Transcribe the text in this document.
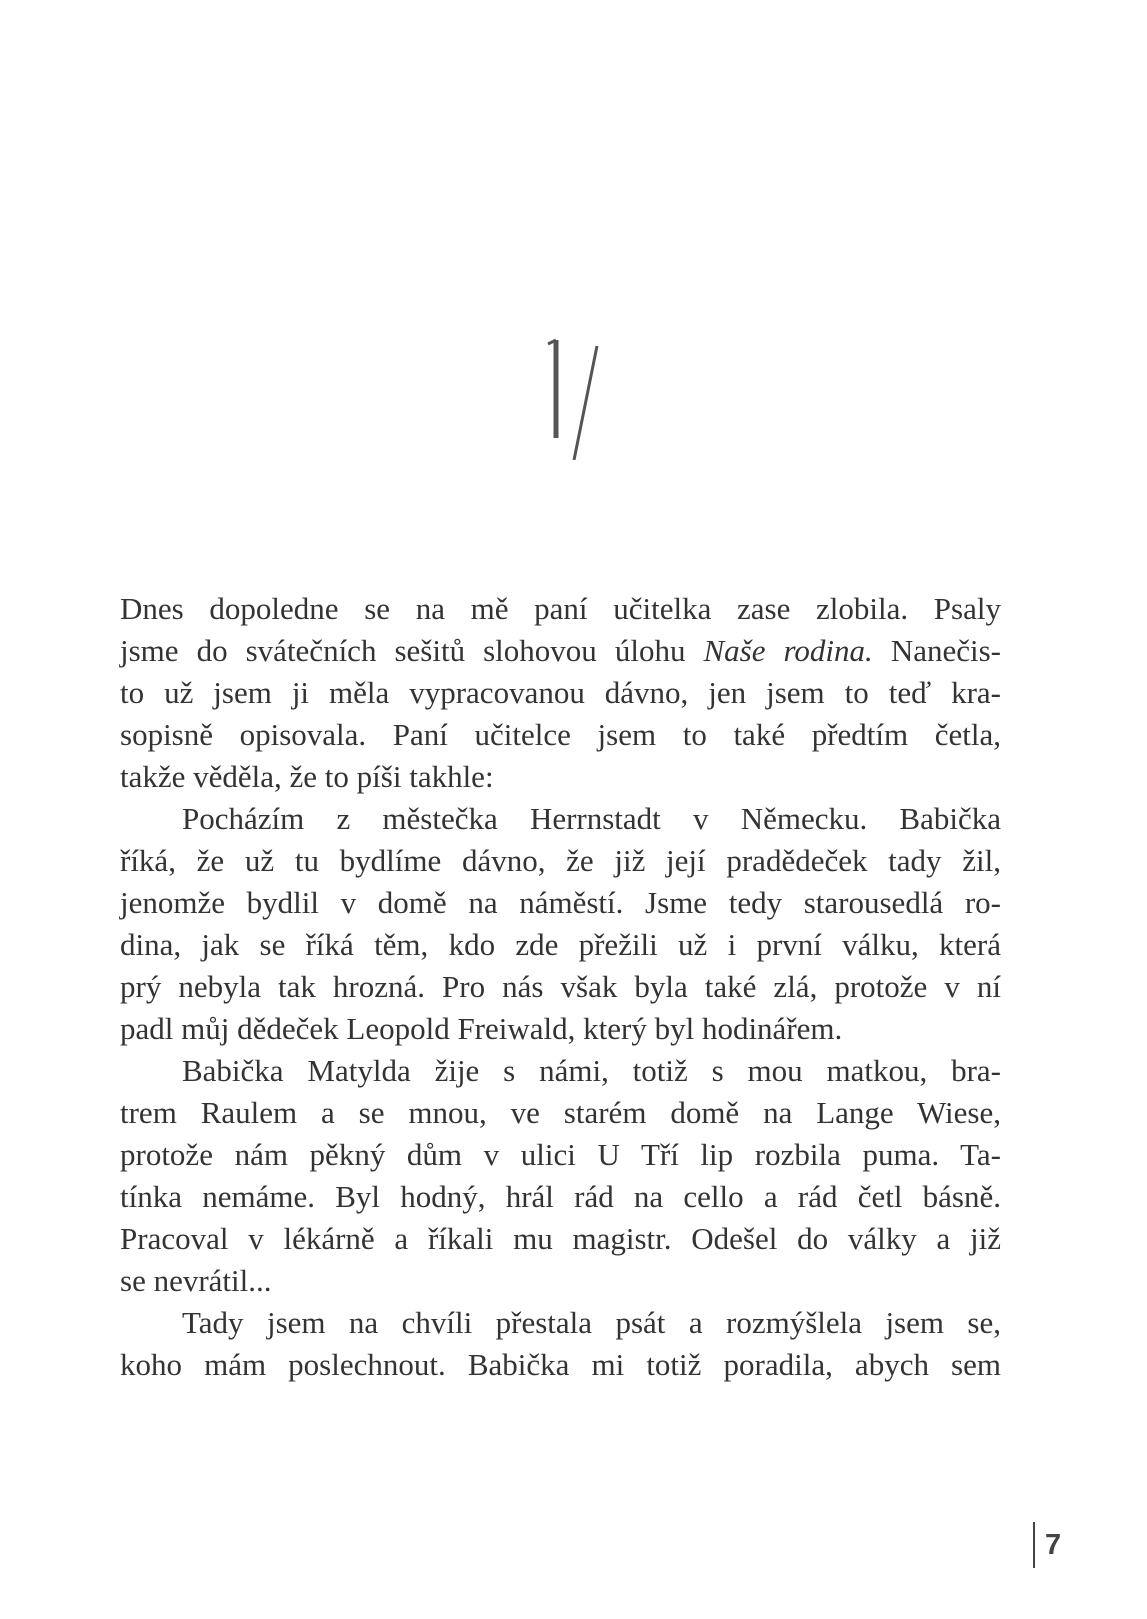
Dnes dopoledne se na mě paní učitelka zase zlobila. Psaly
jsme do svátečních sešitů slohovou úlohu Naše rodina. Nanečis-
to už jsem ji měla vypracovanou dávno, jen jsem to teď kra-
sopisně opisovala. Paní učitelce jsem to také předtím četla,
takže věděla, že to píši takhle:
Pocházím z městečka Herrnstadt v Německu. Babička
říká, že už tu bydlíme dávno, že již její pradědeček tady žil,
jenomže bydlil v domě na náměstí. Jsme tedy starousedlá ro-
dina, jak se říká těm, kdo zde přežili už i první válku, která
prý nebyla tak hrozná. Pro nás však byla také zlá, protože v ní
padl můj dědeček Leopold Freiwald, který byl hodinářem.
Babička Matylda žije s námi, totiž s mou matkou, bra-
trem Raulem a se mnou, ve starém domě na Lange Wiese,
protože nám pěkný dům v ulici U Tří lip rozbila puma. Ta-
tínka nemáme. Byl hodný, hrál rád na cello a rád četl básně.
Pracoval v lékárně a říkali mu magistr. Odešel do války a již
se nevrátil...
Tady jsem na chvíli přestala psát a rozmýšlela jsem se,
koho mám poslechnout. Babička mi totiž poradila, abych sem
7
